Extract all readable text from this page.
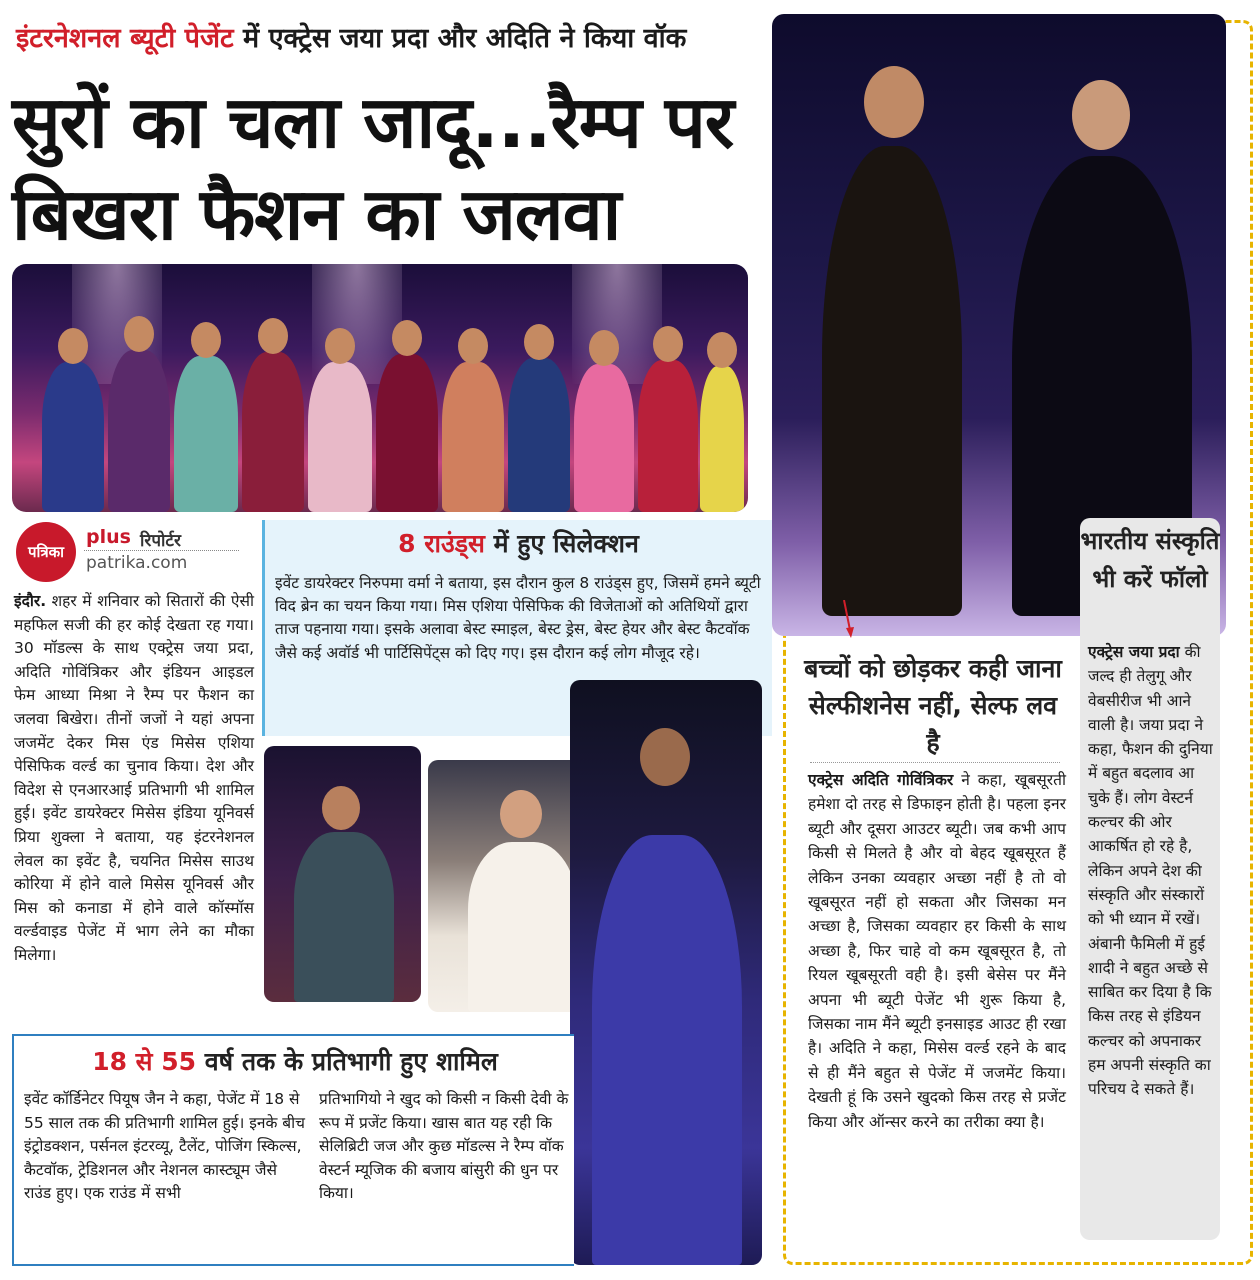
इंटरनेशनल ब्यूटी पेजेंट में एक्ट्रेस जया प्रदा और अदिति ने किया वॉक
सुरों का चला जादू...रैम्प पर
बिखरा फैशन का जलवा
पत्रिका
plus रिपोर्टर
patrika.com
इंदौर. शहर में शनिवार को सितारों की ऐसी महफिल सजी की हर कोई देखता रह गया। 30 मॉडल्स के साथ एक्ट्रेस जया प्रदा, अदिति गोविंत्रिकर और इंडियन आइडल फेम आध्या मिश्रा ने रैम्प पर फैशन का जलवा बिखेरा। तीनों जजों ने यहां अपना जजमेंट देकर मिस एंड मिसेस एशिया पेसिफिक वर्ल्ड का चुनाव किया। देश और विदेश से एनआरआई प्रतिभागी भी शामिल हुई। इवेंट डायरेक्टर मिसेस इंडिया यूनिवर्स प्रिया शुक्ला ने बताया, यह इंटरनेशनल लेवल का इवेंट है, चयनित मिसेस साउथ कोरिया में होने वाले मिसेस यूनिवर्स और मिस को कनाडा में होने वाले कॉस्मॉस वर्ल्डवाइड पेजेंट में भाग लेने का मौका मिलेगा।
8 राउंड्स में हुए सिलेक्शन

इवेंट डायरेक्टर निरुपमा वर्मा ने बताया, इस दौरान कुल 8 राउंड्स हुए, जिसमें हमने ब्यूटी विद ब्रेन का चयन किया गया। मिस एशिया पेसिफिक की विजेताओं को अतिथियों द्वारा ताज पहनाया गया। इसके अलावा बेस्ट स्माइल, बेस्ट ड्रेस, बेस्ट हेयर और बेस्ट कैटवॉक जैसे कई अवॉर्ड भी पार्टिसिपेंट्स को दिए गए। इस दौरान कई लोग मौजूद रहे।

18 से 55 वर्ष तक के प्रतिभागी हुए शामिल
इवेंट कॉर्डिनेटर पियूष जैन ने कहा, पेजेंट में 18 से 55 साल तक की प्रतिभागी शामिल हुई। इनके बीच इंट्रोडक्शन, पर्सनल इंटरव्यू, टैलेंट, पोजिंग स्किल्स, कैटवॉक, ट्रेडिशनल और नेशनल कास्ट्यूम जैसे राउंड हुए। एक राउंड में सभी
प्रतिभागियो ने खुद को किसी न किसी देवी के रूप में प्रजेंट किया। खास बात यह रही कि सेलिब्रिटी जज और कुछ मॉडल्स ने रैम्प वॉक वेस्टर्न म्यूजिक की बजाय बांसुरी की धुन पर किया।
बच्चों को छोड़कर कही जाना सेल्फीशनेस नहीं, सेल्फ लव है
एक्ट्रेस अदिति गोविंत्रिकर ने कहा, खूबसूरती हमेशा दो तरह से डिफाइन होती है। पहला इनर ब्यूटी और दूसरा आउटर ब्यूटी। जब कभी आप किसी से मिलते है और वो बेहद खूबसूरत हैं लेकिन उनका व्यवहार अच्छा नहीं है तो वो खूबसूरत नहीं हो सकता और जिसका मन अच्छा है, जिसका व्यवहार हर किसी के साथ अच्छा है, फिर चाहे वो कम खूबसूरत है, तो रियल खूबसूरती वही है। इसी बेसेस पर मैंने अपना भी ब्यूटी पेजेंट भी शुरू किया है, जिसका नाम मैंने ब्यूटी इनसाइड आउट ही रखा है। अदिति ने कहा, मिसेस वर्ल्ड रहने के बाद से ही मैंने बहुत से पेजेंट में जजमेंट किया। देखती हूं कि उसने खुदको किस तरह से प्रजेंट किया और ऑन्सर करने का तरीका क्या है।
भारतीय संस्कृति भी करें फॉलो
एक्ट्रेस जया प्रदा की जल्द ही तेलुगू और वेबसीरीज भी आने वाली है। जया प्रदा ने कहा, फैशन की दुनिया में बहुत बदलाव आ चुके हैं। लोग वेस्टर्न कल्चर की ओर आकर्षित हो रहे है, लेकिन अपने देश की संस्कृति और संस्कारों को भी ध्यान में रखें। अंबानी फैमिली में हुई शादी ने बहुत अच्छे से साबित कर दिया है कि किस तरह से इंडियन कल्चर को अपनाकर हम अपनी संस्कृति का परिचय दे सकते हैं।
